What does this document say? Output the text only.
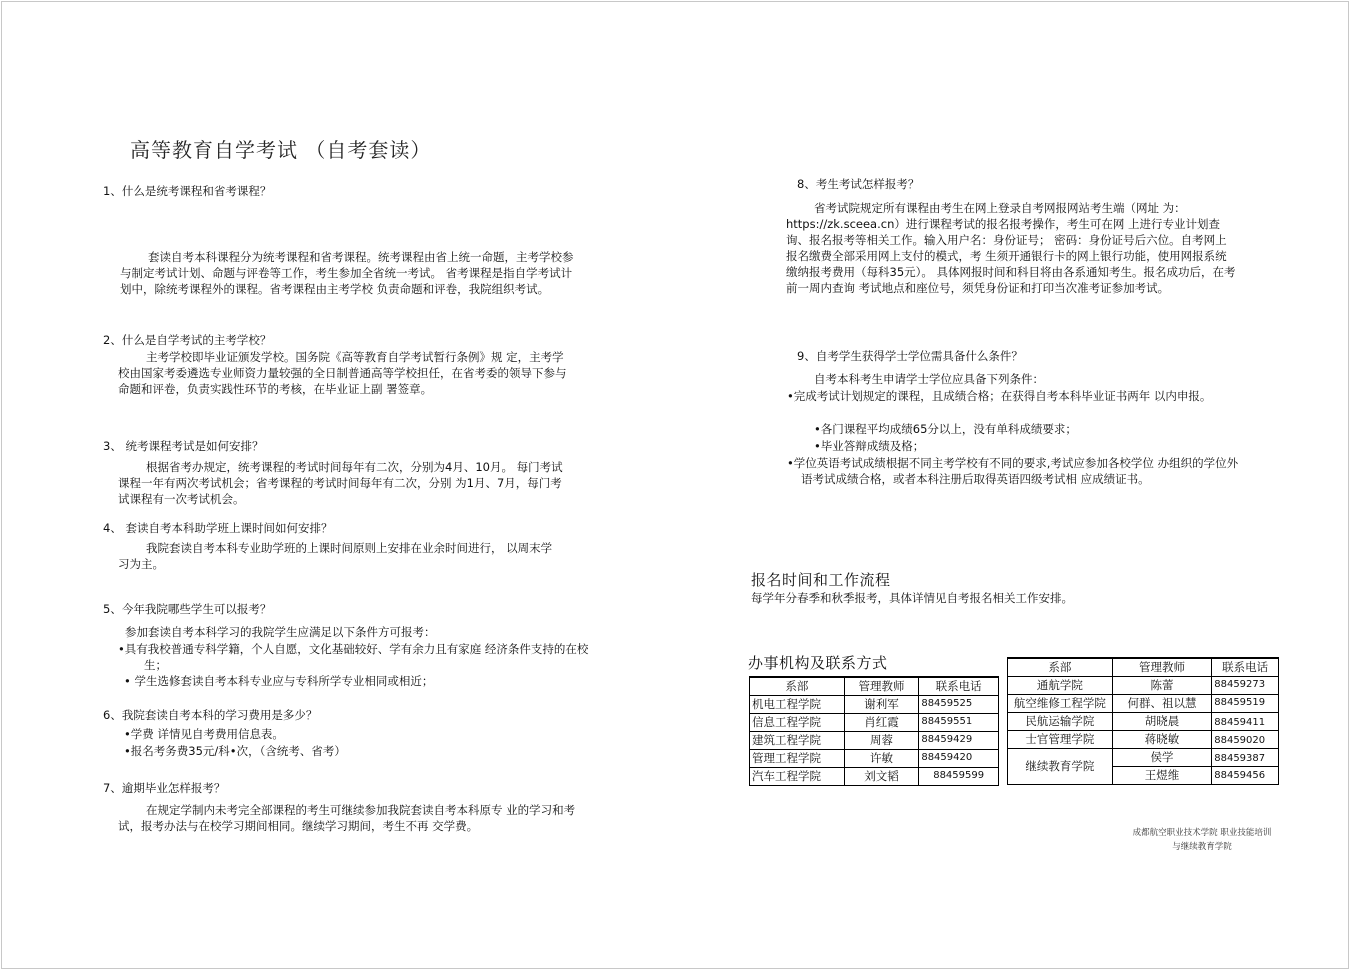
高等教育自学考试 （自考套读）
1、什么是统考课程和省考课程？
套读自考本科课程分为统考课程和省考课程。统考课程由省上统一命题，主考学校参与制定考试计划、命题与评卷等工作，考生参加全省统一考试。 省考课程是指自学考试计划中，除统考课程外的课程。省考课程由主考学校 负责命题和评卷，我院组织考试。
2、什么是自学考试的主考学校？
主考学校即毕业证颁发学校。国务院《高等教育自学考试暂行条例》规 定，主考学校由国家考委遴选专业师资力量较强的全日制普通高等学校担任，在省考委的领导下参与命题和评卷，负责实践性环节的考核，在毕业证上副 署签章。
3、 统考课程考试是如何安排？
根据省考办规定，统考课程的考试时间每年有二次，分别为4月、10月。 每门考试课程一年有两次考试机会；省考课程的考试时间每年有二次，分别 为1月、7月，每门考试课程有一次考试机会。
4、 套读自考本科助学班上课时间如何安排？
我院套读自考本科专业助学班的上课时间原则上安排在业余时间进行， 以周末学习为主。
5、今年我院哪些学生可以报考？
参加套读自考本科学习的我院学生应满足以下条件方可报考：
•具有我校普通专科学籍，个人自愿，文化基础较好、学有余力且有家庭 经济条件支持的在校生；
• 学生选修套读自考本科专业应与专科所学专业相同或相近；
6、我院套读自考本科的学习费用是多少？
•学费 详情见自考费用信息表。
•报名考务费35元/科•次，（含统考、省考）
7、逾期毕业怎样报考？
在规定学制内未考完全部课程的考生可继续参加我院套读自考本科原专 业的学习和考试，报考办法与在校学习期间相同。继续学习期间，考生不再 交学费。
8、考生考试怎样报考？
省考试院规定所有课程由考生在网上登录自考网报网站考生端（网址 为：https://zk.sceea.cn）进行课程考试的报名报考操作，考生可在网 上进行专业计划查询、报名报考等相关工作。输入用户名：身份证号； 密码：身份证号后六位。自考网上报名缴费全部采用网上支付的模式，考 生须开通银行卡的网上银行功能，使用网报系统缴纳报考费用（每科35元）。 具体网报时间和科目将由各系通知考生。报名成功后，在考前一周内查询 考试地点和座位号，须凭身份证和打印当次准考证参加考试。
9、自考学生获得学士学位需具备什么条件？
自考本科考生申请学士学位应具备下列条件：
•完成考试计划规定的课程，且成绩合格；在获得自考本科毕业证书两年 以内申报。
•各门课程平均成绩65分以上，没有单科成绩要求；
•毕业答辩成绩及格；
•学位英语考试成绩根据不同主考学校有不同的要求,考试应参加各校学位 办组织的学位外语考试成绩合格，或者本科注册后取得英语四级考试相 应成绩证书。
报名时间和工作流程
每学年分春季和秋季报考，具体详情见自考报名相关工作安排。
办事机构及联系方式
系部	管理教师	联系电话
机电工程学院	谢利军	88459525
信息工程学院	肖红霞	88459551
建筑工程学院	周蓉	88459429
管理工程学院	许敏	88459420
汽车工程学院	刘文韬	88459599
系部	管理教师	联系电话
通航学院	陈蕾	88459273
航空维修工程学院	何群、祖以慧	88459519
民航运输学院	胡晓晨	88459411
士官管理学院	蒋晓敏	88459020
继续教育学院	侯学	88459387
	王煜维	88459456
成都航空职业技术学院 职业技能培训
与继续教育学院
